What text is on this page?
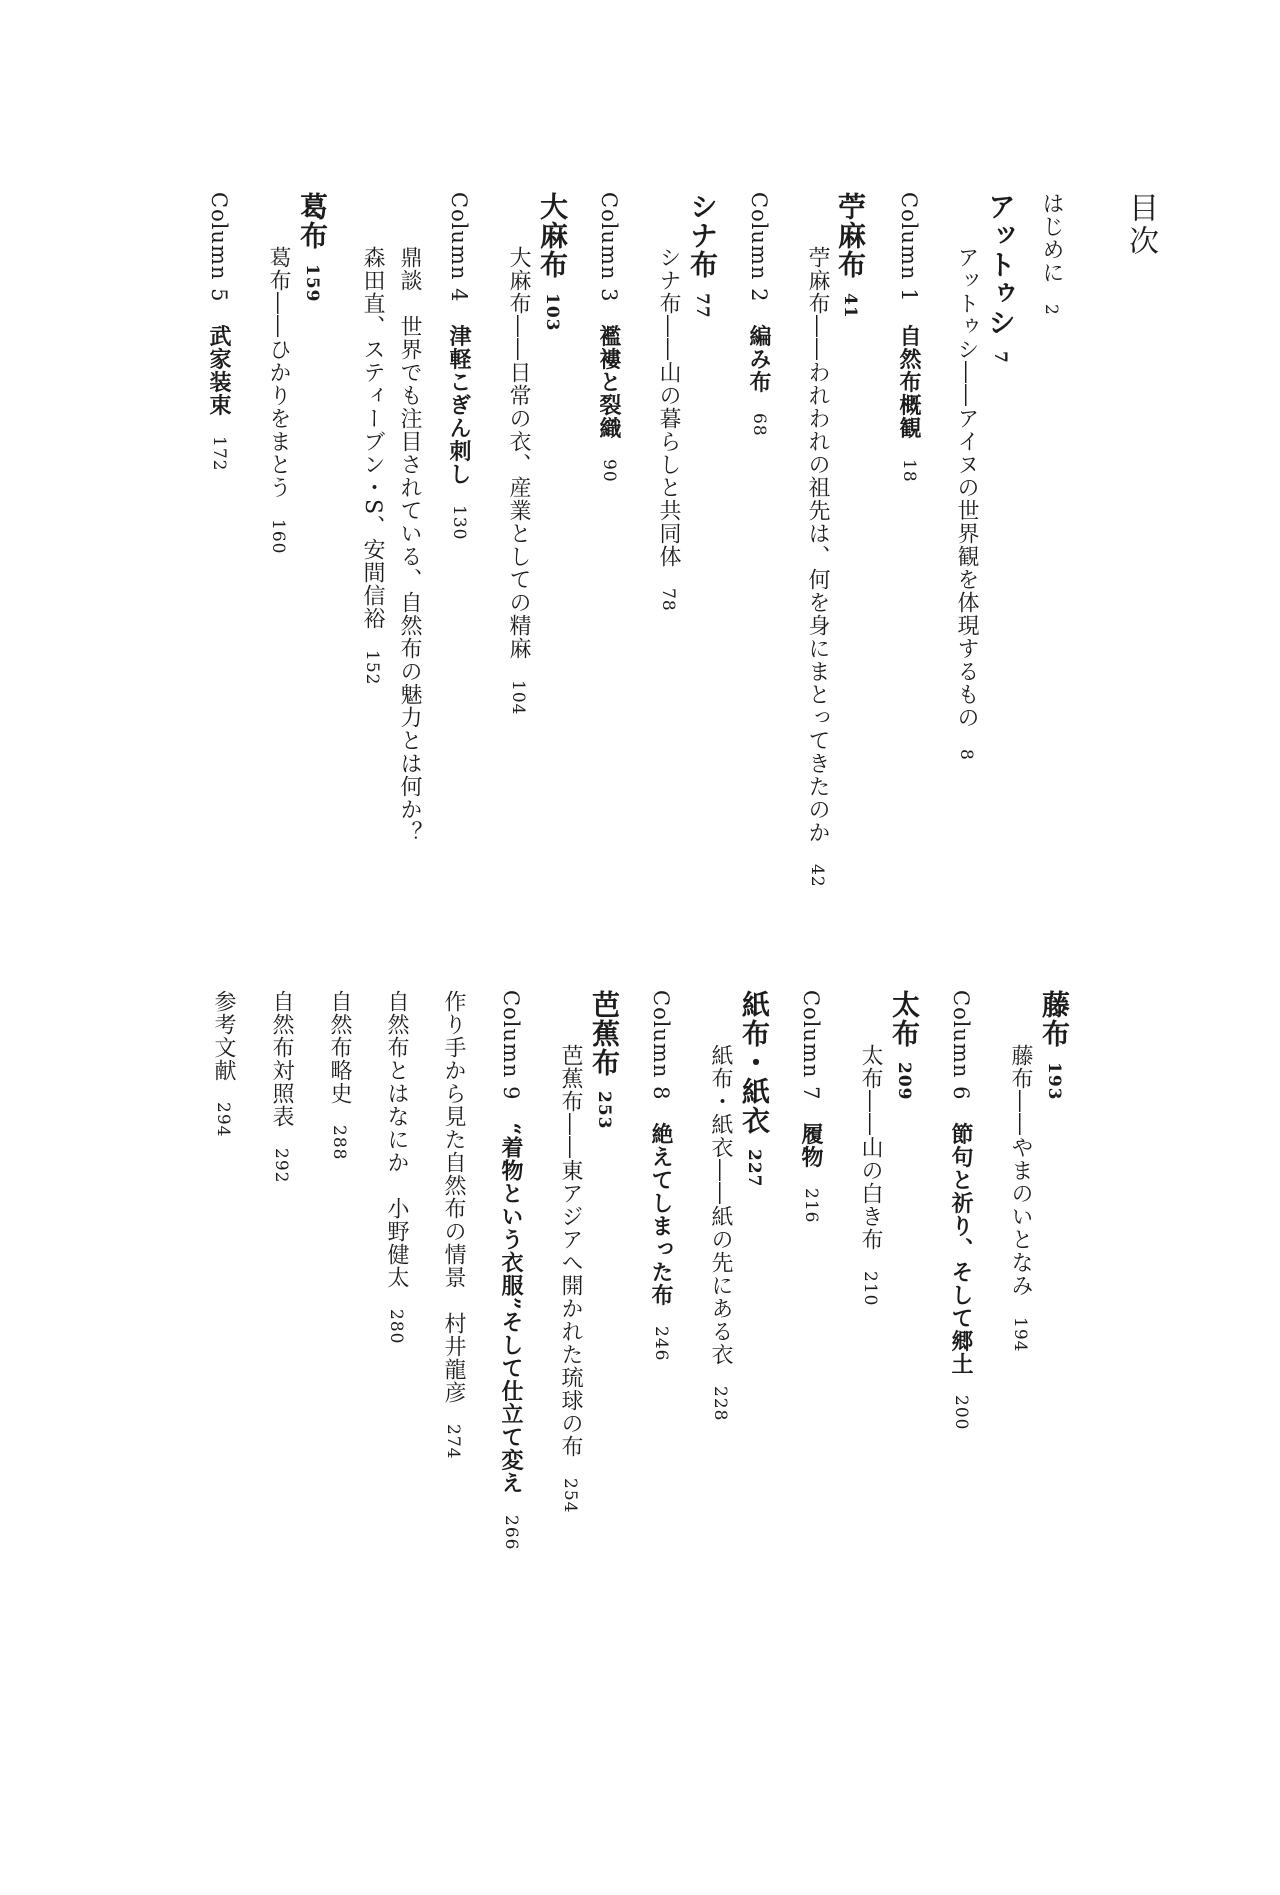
目次
はじめに2
アットゥシ7
アットゥシ――アイヌの世界観を体現するもの8
Column 1自然布概観18
苧麻布41
苧麻布――われわれの祖先は、何を身にまとってきたのか42
Column 2編み布68
シナ布77
シナ布――山の暮らしと共同体78
Column 3襤褸と裂織90
大麻布103
大麻布――日常の衣、産業としての精麻104
Column 4津軽こぎん刺し130
鼎談　世界でも注目されている、自然布の魅力とは何か？
森田直、スティーブン・S、安間信裕152
葛布159
葛布――ひかりをまとう160
Column 5武家装束172
藤布193
藤布――やまのいとなみ194
Column 6節句と祈り、そして郷土200
太布209
太布――山の白き布210
Column 7履物216
紙布・紙衣227
紙布・紙衣――紙の先にある衣228
Column 8絶えてしまった布246
芭蕉布253
芭蕉布――東アジアへ開かれた琉球の布254
Column 9“着物という衣服”そして仕立て変え266
作り手から見た自然布の情景　村井龍彦274
自然布とはなにか　小野健太280
自然布略史288
自然布対照表292
参考文献294
